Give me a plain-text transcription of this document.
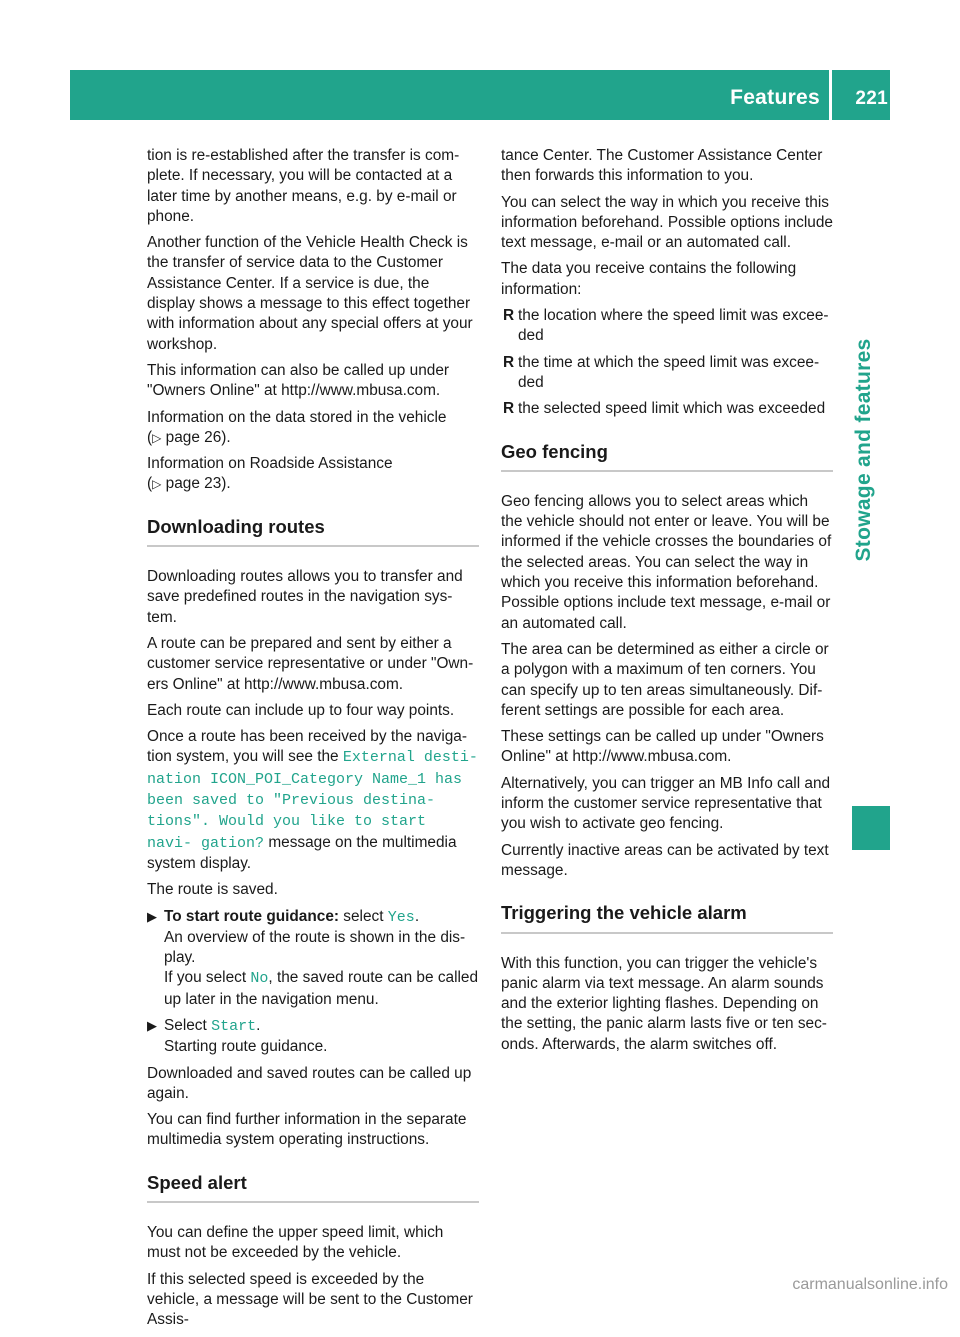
Features 221
Stowage and features

tion is re-established after the transfer is com- plete. If necessary, you will be contacted at a later time by another means, e.g. by e-mail or phone.

Another function of the Vehicle Health Check is the transfer of service data to the Customer Assistance Center. If a service is due, the display shows a message to this effect together with information about any special offers at your workshop.

This information can also be called up under "Owners Online" at http://www.mbusa.com.

Information on the data stored in the vehicle
(▷ page 26).

Information on Roadside Assistance
(▷ page 23).

Downloading routes

Downloading routes allows you to transfer and save predefined routes in the navigation sys- tem.

A route can be prepared and sent by either a customer service representative or under "Own- ers Online" at http://www.mbusa.com.

Each route can include up to four way points.

Once a route has been received by the naviga- tion system, you will see the External desti‑ nation ICON_POI_Category Name_1 has been saved to "Previous destina‑ tions". Would you like to start navi‑ gation? message on the multimedia system display.

The route is saved.

▶ To start route guidance: select Yes.
An overview of the route is shown in the dis- play.
If you select No, the saved route can be called up later in the navigation menu.
▶ Select Start.
Starting route guidance.

Downloaded and saved routes can be called up again.

You can find further information in the separate multimedia system operating instructions.

Speed alert

You can define the upper speed limit, which must not be exceeded by the vehicle.

If this selected speed is exceeded by the vehicle, a message will be sent to the Customer Assis-

tance Center. The Customer Assistance Center then forwards this information to you.

You can select the way in which you receive this information beforehand. Possible options include text message, e-mail or an automated call.

The data you receive contains the following information:

R the location where the speed limit was excee- ded
R the time at which the speed limit was excee- ded
R the selected speed limit which was exceeded
Geo fencing

Geo fencing allows you to select areas which the vehicle should not enter or leave. You will be informed if the vehicle crosses the boundaries of the selected areas. You can select the way in which you receive this information beforehand. Possible options include text message, e-mail or an automated call.

The area can be determined as either a circle or a polygon with a maximum of ten corners. You can specify up to ten areas simultaneously. Dif- ferent settings are possible for each area.

These settings can be called up under "Owners Online" at http://www.mbusa.com.

Alternatively, you can trigger an MB Info call and inform the customer service representative that you wish to activate geo fencing.

Currently inactive areas can be activated by text message.

Triggering the vehicle alarm

With this function, you can trigger the vehicle's panic alarm via text message. An alarm sounds and the exterior lighting flashes. Depending on the setting, the panic alarm lasts five or ten sec- onds. Afterwards, the alarm switches off.

carmanualsonline.info
